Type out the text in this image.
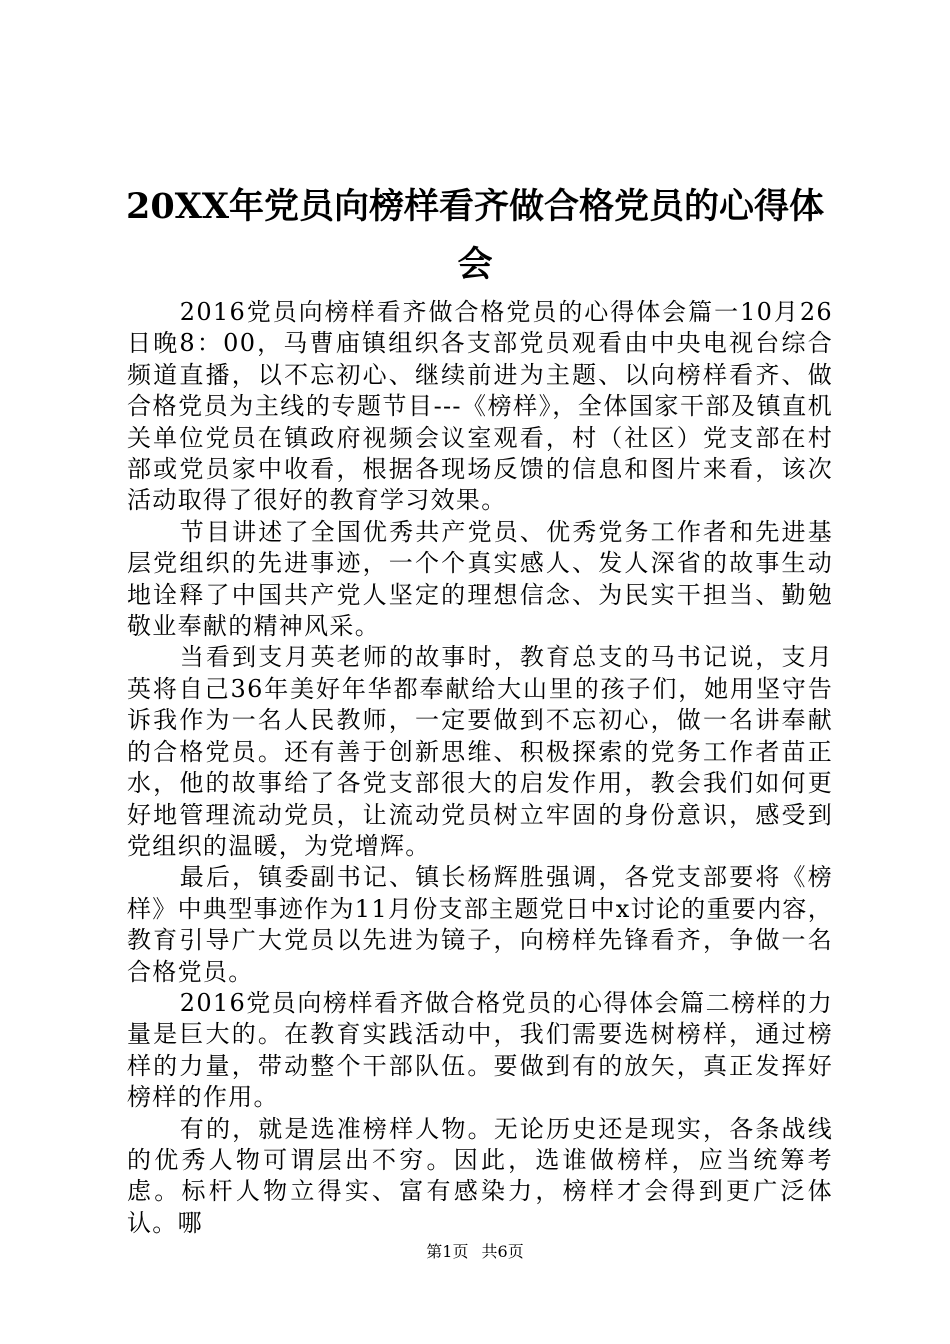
20XX年党员向榜样看齐做合格党员的心得体会

2016党员向榜样看齐做合格党员的心得体会篇一10月26日晚8：00，马曹庙镇组织各支部党员观看由中央电视台综合频道直播，以不忘初心、继续前进为主题、以向榜样看齐、做合格党员为主线的专题节目---《榜样》，全体国家干部及镇直机关单位党员在镇政府视频会议室观看，村（社区）党支部在村部或党员家中收看，根据各现场反馈的信息和图片来看，该次活动取得了很好的教育学习效果。

节目讲述了全国优秀共产党员、优秀党务工作者和先进基层党组织的先进事迹，一个个真实感人、发人深省的故事生动地诠释了中国共产党人坚定的理想信念、为民实干担当、勤勉敬业奉献的精神风采。

当看到支月英老师的故事时，教育总支的马书记说，支月英将自己36年美好年华都奉献给大山里的孩子们，她用坚守告诉我作为一名人民教师，一定要做到不忘初心，做一名讲奉献的合格党员。还有善于创新思维、积极探索的党务工作者苗正水，他的故事给了各党支部很大的启发作用，教会我们如何更好地管理流动党员，让流动党员树立牢固的身份意识，感受到党组织的温暖，为党增辉。

最后，镇委副书记、镇长杨辉胜强调，各党支部要将《榜样》中典型事迹作为11月份支部主题党日中x讨论的重要内容，教育引导广大党员以先进为镜子，向榜样先锋看齐，争做一名合格党员。

2016党员向榜样看齐做合格党员的心得体会篇二榜样的力量是巨大的。在教育实践活动中，我们需要选树榜样，通过榜样的力量，带动整个干部队伍。要做到有的放矢，真正发挥好榜样的作用。

有的，就是选准榜样人物。无论历史还是现实，各条战线的优秀人物可谓层出不穷。因此，选谁做榜样，应当统筹考虑。标杆人物立得实、富有感染力，榜样才会得到更广泛体认。哪

第1页 共6页
